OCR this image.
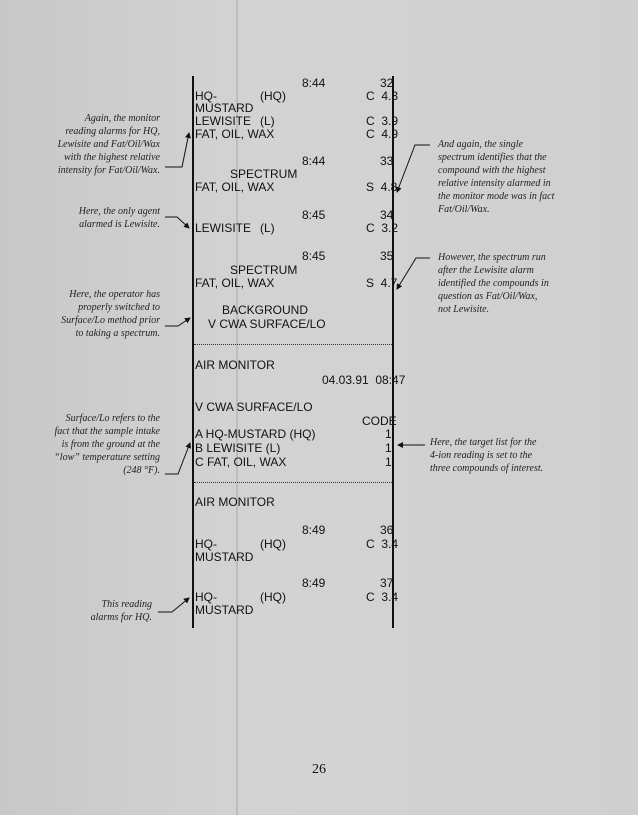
8:44	32
HQ-	(HQ)	C  4.3
MUSTARD
LEWISITE (L)	C  3.9
FAT, OIL, WAX	C  4.9
8:44	33
SPECTRUM
FAT, OIL, WAX	S  4.8
8:45	34
LEWISITE (L)	C  3.2
8:45	35
SPECTRUM
FAT, OIL, WAX	S  4.7
BACKGROUND
V CWA SURFACE/LO
AIR MONITOR
04.03.91  08:47
V CWA SURFACE/LO
CODE
A HQ-MUSTARD (HQ)	1
B LEWISITE (L)	1
C FAT, OIL, WAX	1
AIR MONITOR
8:49	36
HQ-	(HQ)	C  3.4
MUSTARD
8:49	37
HQ-	(HQ)	C  3.4
MUSTARD
Again, the monitor
reading alarms for HQ,
Lewisite and Fat/Oil/Wax
with the highest relative
intensity for Fat/Oil/Wax.
Here, the only agent
alarmed is Lewisite.
Here, the operator has
properly switched to
Surface/Lo method prior
to taking a spectrum.
Surface/Lo refers to the
fact that the sample intake
is from the ground at the
“low” temperature setting
(248 °F).
This reading
alarms for HQ.
And again, the single
spectrum identifies that the
compound with the highest
relative intensity alarmed in
the monitor mode was in fact
Fat/Oil/Wax.
However, the spectrum run
after the Lewisite alarm
identified the compounds in
question as Fat/Oil/Wax,
not Lewisite.
Here, the target list for the
4-ion reading is set to the
three compounds of interest.
26
